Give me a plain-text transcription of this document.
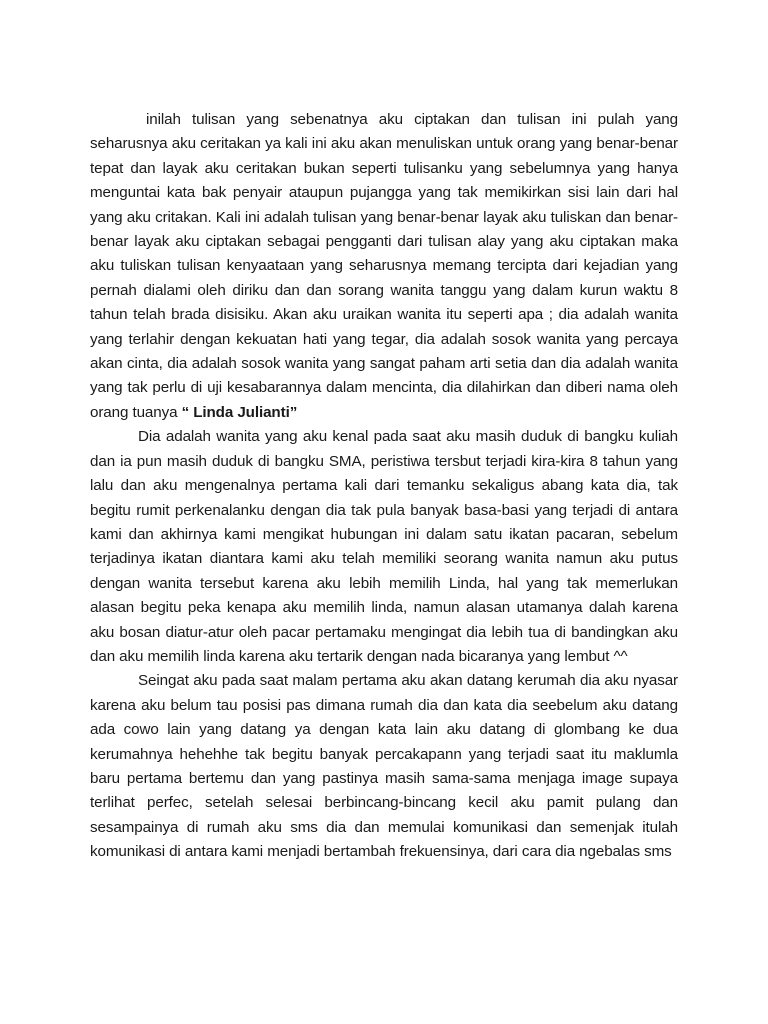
inilah tulisan yang sebenatnya aku ciptakan dan tulisan ini pulah yang seharusnya aku ceritakan ya kali ini aku akan menuliskan untuk orang yang benar-benar tepat dan layak aku ceritakan bukan seperti tulisanku yang sebelumnya yang hanya menguntai kata bak penyair ataupun pujangga yang tak memikirkan sisi lain dari hal yang aku critakan. Kali ini adalah tulisan yang benar-benar layak aku tuliskan dan benar-benar layak aku ciptakan sebagai pengganti dari tulisan alay yang aku ciptakan maka aku tuliskan tulisan kenyaataan yang seharusnya memang tercipta dari kejadian yang pernah dialami oleh diriku dan dan sorang wanita tanggu yang dalam kurun waktu 8 tahun telah brada disisiku. Akan aku uraikan wanita itu seperti apa ; dia adalah wanita yang terlahir dengan kekuatan hati yang tegar, dia adalah sosok wanita yang percaya akan cinta, dia adalah sosok wanita yang sangat paham arti setia dan dia adalah wanita yang tak perlu di uji kesabarannya dalam mencinta, dia dilahirkan dan diberi nama oleh orang tuanya “ Linda Julianti”

Dia adalah wanita yang aku kenal pada saat aku masih duduk di bangku kuliah dan ia pun masih duduk di bangku SMA, peristiwa tersbut terjadi kira-kira 8 tahun yang lalu dan aku mengenalnya pertama kali dari temanku sekaligus abang kata dia, tak begitu rumit perkenalanku dengan dia tak pula banyak basa-basi yang terjadi di antara kami dan akhirnya kami mengikat hubungan ini dalam satu ikatan pacaran, sebelum terjadinya ikatan diantara kami aku telah memiliki seorang wanita namun aku putus dengan wanita tersebut karena aku lebih memilih Linda, hal yang tak memerlukan alasan begitu peka kenapa aku memilih linda, namun alasan utamanya dalah karena aku bosan diatur-atur oleh pacar pertamaku mengingat dia lebih tua di bandingkan aku dan aku memilih linda karena aku tertarik dengan nada bicaranya yang lembut ^^

Seingat aku pada saat malam pertama aku akan datang kerumah dia aku nyasar karena aku belum tau posisi pas dimana rumah dia dan kata dia seebelum aku datang ada cowo lain yang datang ya dengan kata lain aku datang di glombang ke dua kerumahnya hehehhe tak begitu banyak percakapann yang terjadi saat itu maklumla baru pertama bertemu dan yang pastinya masih sama-sama menjaga image supaya terlihat perfec, setelah selesai berbincang-bincang kecil aku pamit pulang dan sesampainya di rumah aku sms dia dan memulai komunikasi dan semenjak itulah komunikasi di antara kami menjadi bertambah frekuensinya, dari cara dia ngebalas sms
